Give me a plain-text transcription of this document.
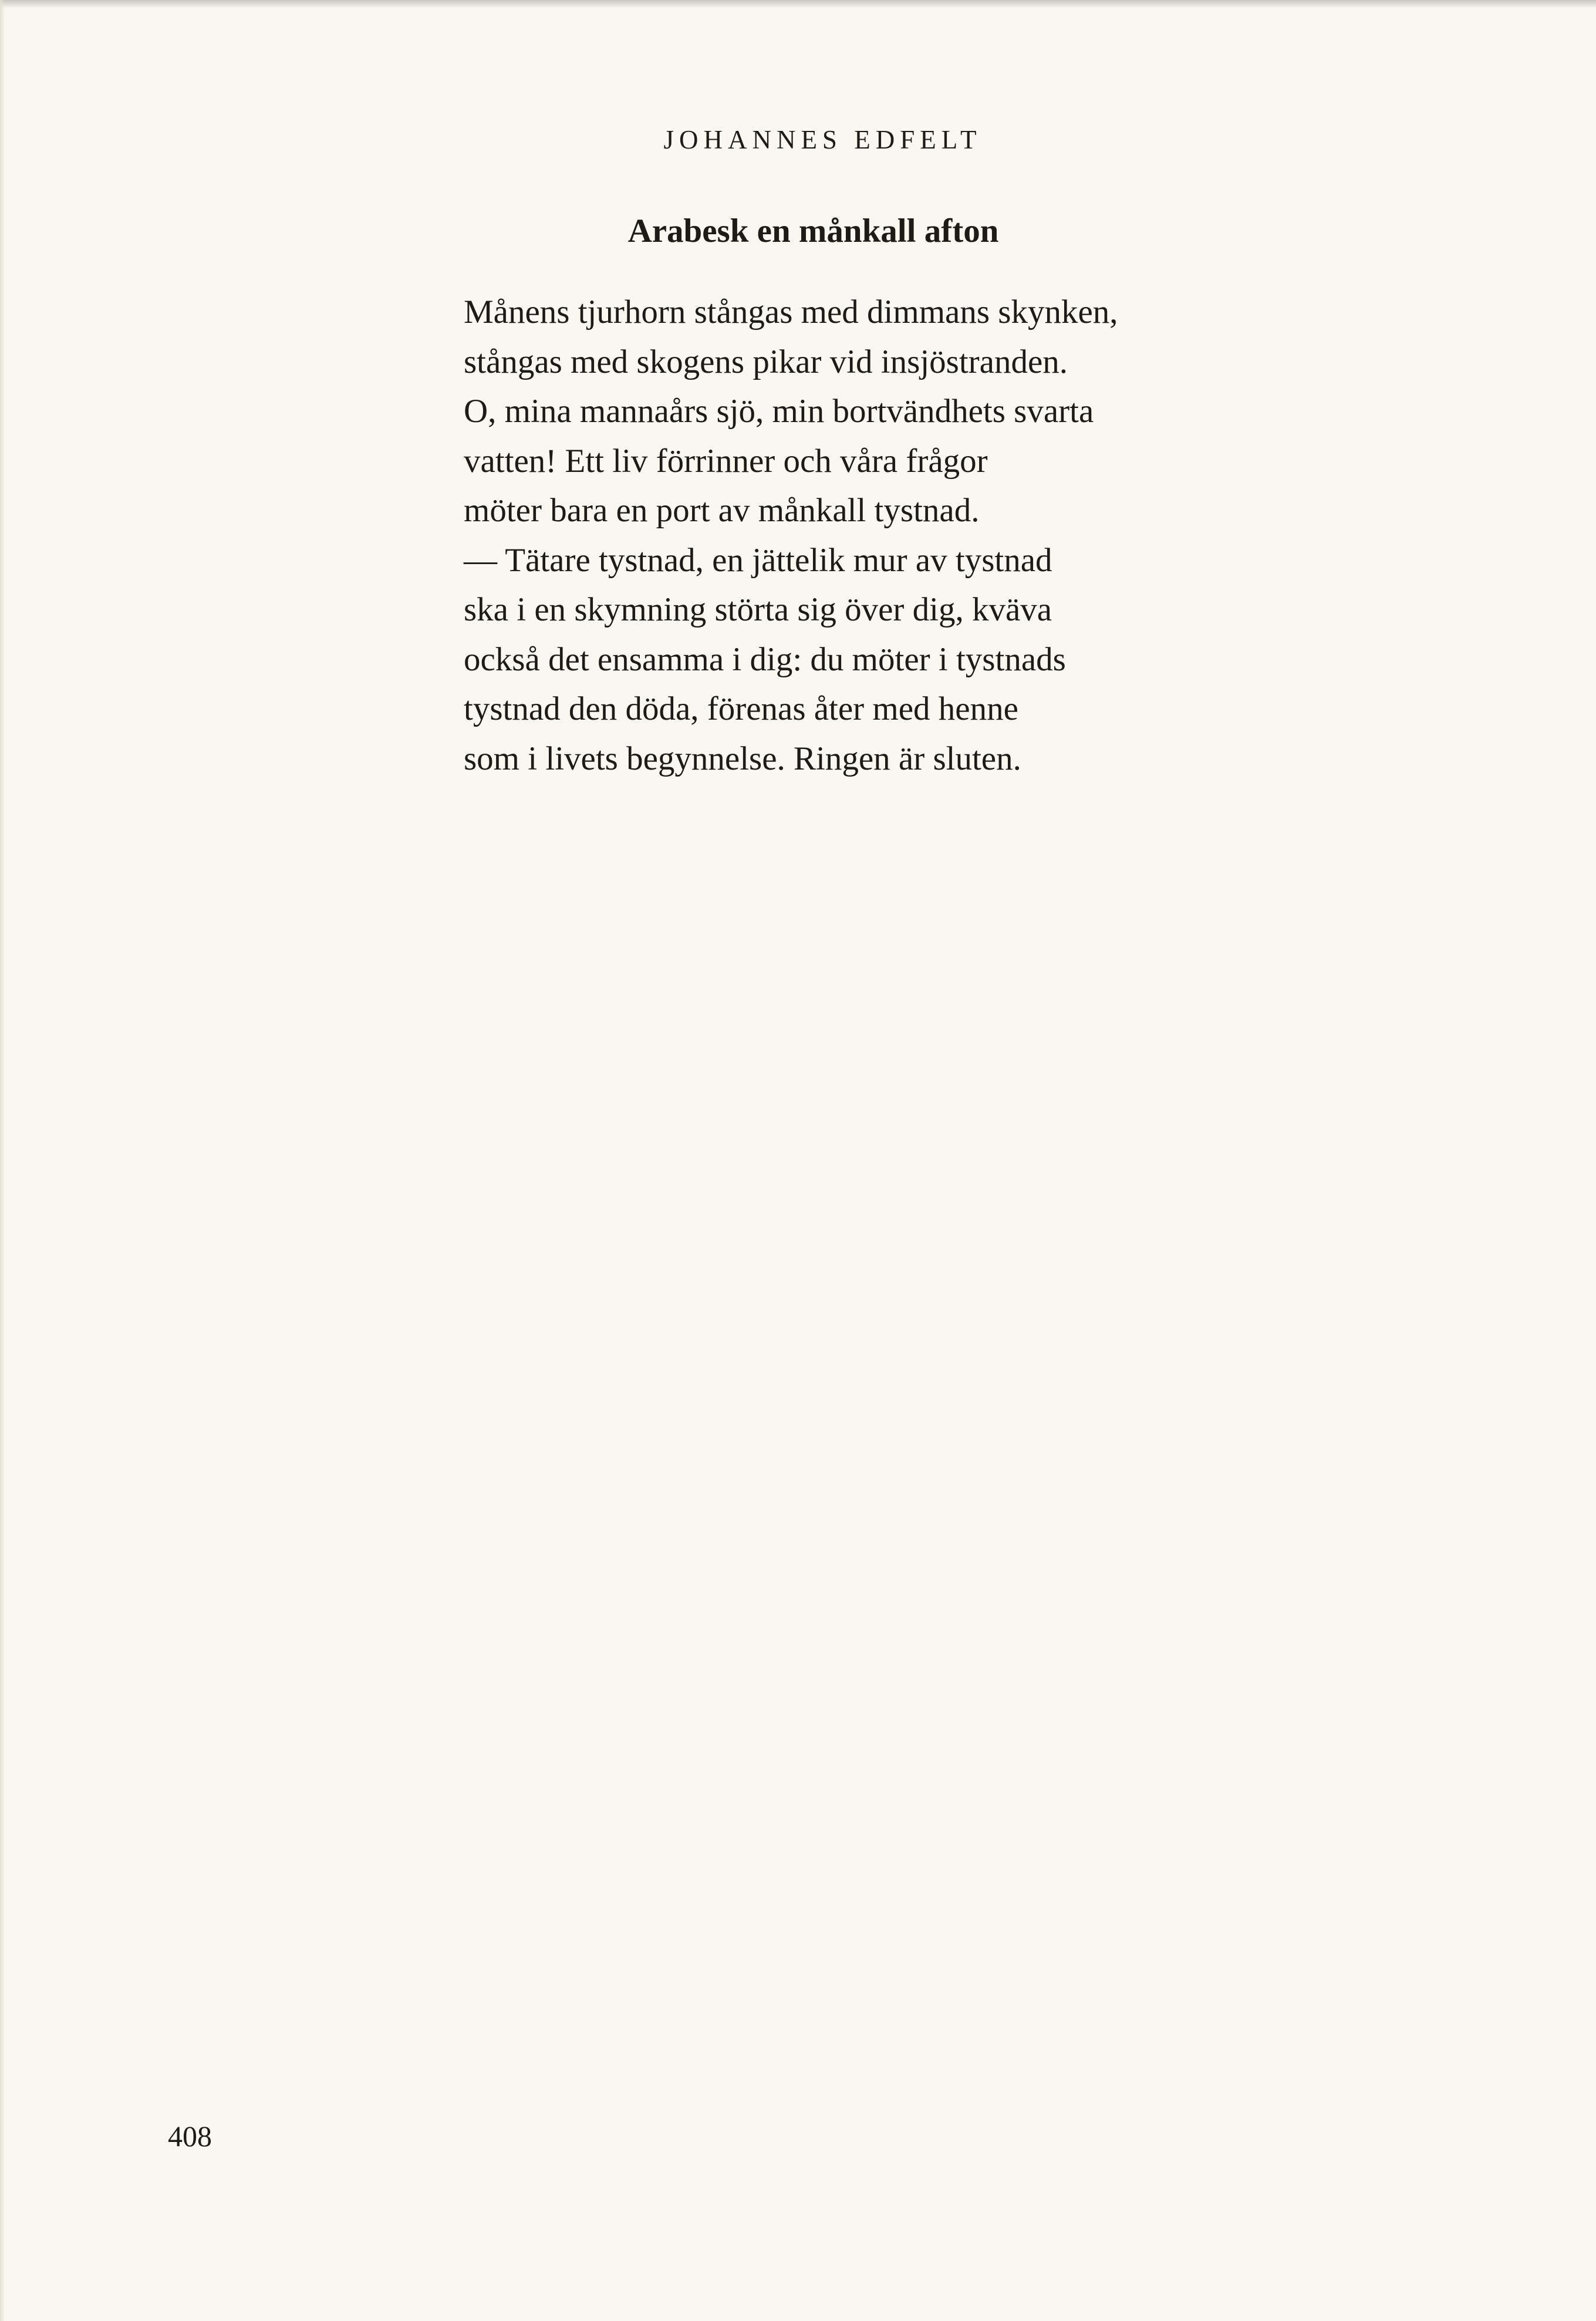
JOHANNES EDFELT
Arabesk en månkall afton
Månens tjurhorn stångas med dimmans skynken,
stångas med skogens pikar vid insjöstranden.
O, mina mannaårs sjö, min bortvändhets svarta
vatten! Ett liv förrinner och våra frågor
möter bara en port av månkall tystnad.
— Tätare tystnad, en jättelik mur av tystnad
ska i en skymning störta sig över dig, kväva
också det ensamma i dig: du möter i tystnads
tystnad den döda, förenas åter med henne
som i livets begynnelse. Ringen är sluten.
408
